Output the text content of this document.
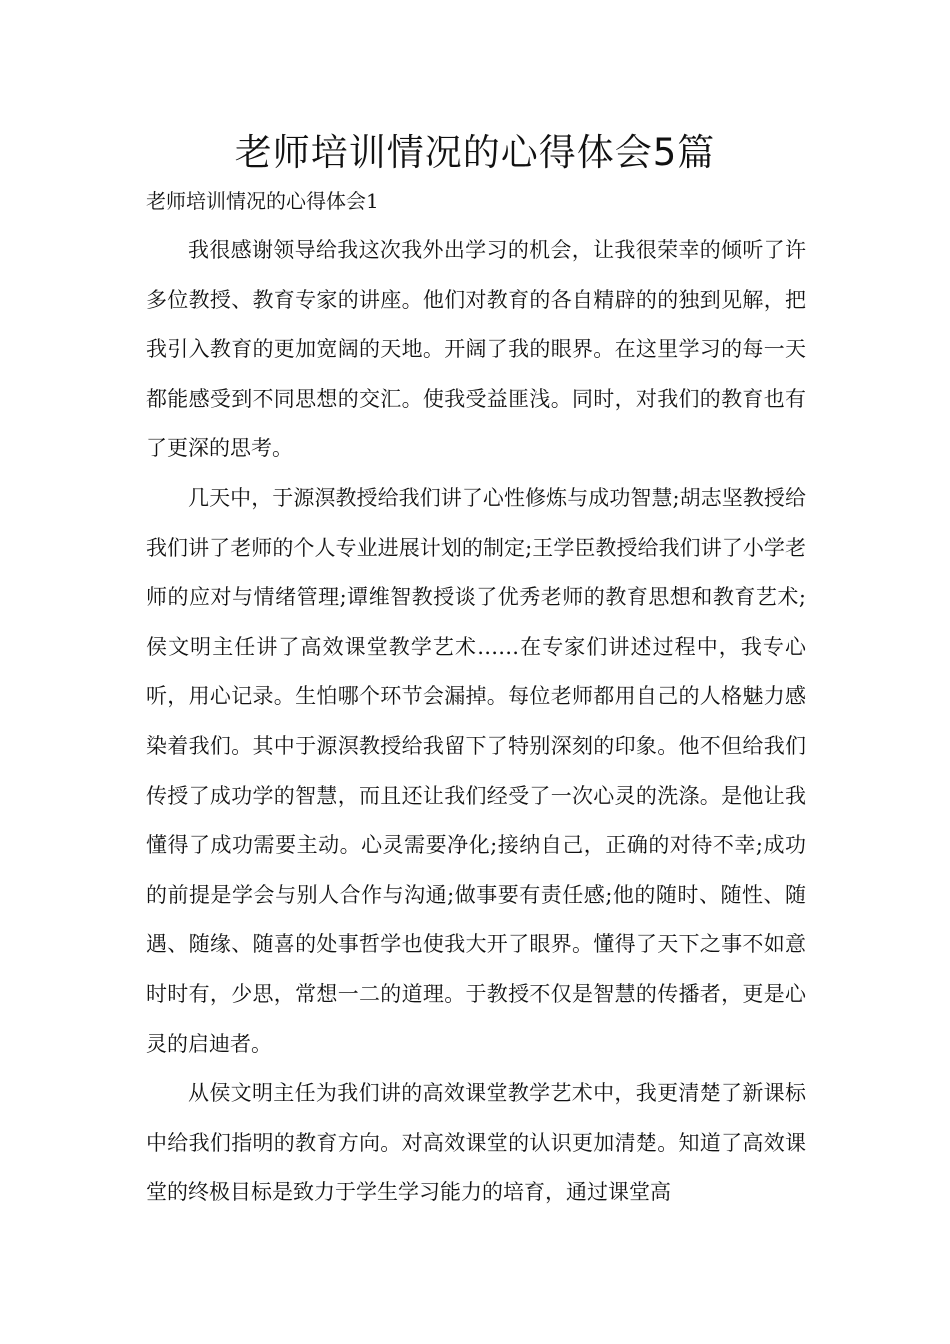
老师培训情况的心得体会5篇
老师培训情况的心得体会1

我很感谢领导给我这次我外出学习的机会，让我很荣幸的倾听了许多位教授、教育专家的讲座。他们对教育的各自精辟的的独到见解，把我引入教育的更加宽阔的天地。开阔了我的眼界。在这里学习的每一天都能感受到不同思想的交汇。使我受益匪浅。同时，对我们的教育也有了更深的思考。

几天中，于源溟教授给我们讲了心性修炼与成功智慧;胡志坚教授给我们讲了老师的个人专业进展计划的制定;王学臣教授给我们讲了小学老师的应对与情绪管理;谭维智教授谈了优秀老师的教育思想和教育艺术;侯文明主任讲了高效课堂教学艺术……在专家们讲述过程中，我专心听，用心记录。生怕哪个环节会漏掉。每位老师都用自己的人格魅力感染着我们。其中于源溟教授给我留下了特别深刻的印象。他不但给我们传授了成功学的智慧，而且还让我们经受了一次心灵的洗涤。是他让我懂得了成功需要主动。心灵需要净化;接纳自己，正确的对待不幸;成功的前提是学会与别人合作与沟通;做事要有责任感;他的随时、随性、随遇、随缘、随喜的处事哲学也使我大开了眼界。懂得了天下之事不如意时时有，少思，常想一二的道理。于教授不仅是智慧的传播者，更是心灵的启迪者。

从侯文明主任为我们讲的高效课堂教学艺术中，我更清楚了新课标中给我们指明的教育方向。对高效课堂的认识更加清楚。知道了高效课堂的终极目标是致力于学生学习能力的培育，通过课堂高
